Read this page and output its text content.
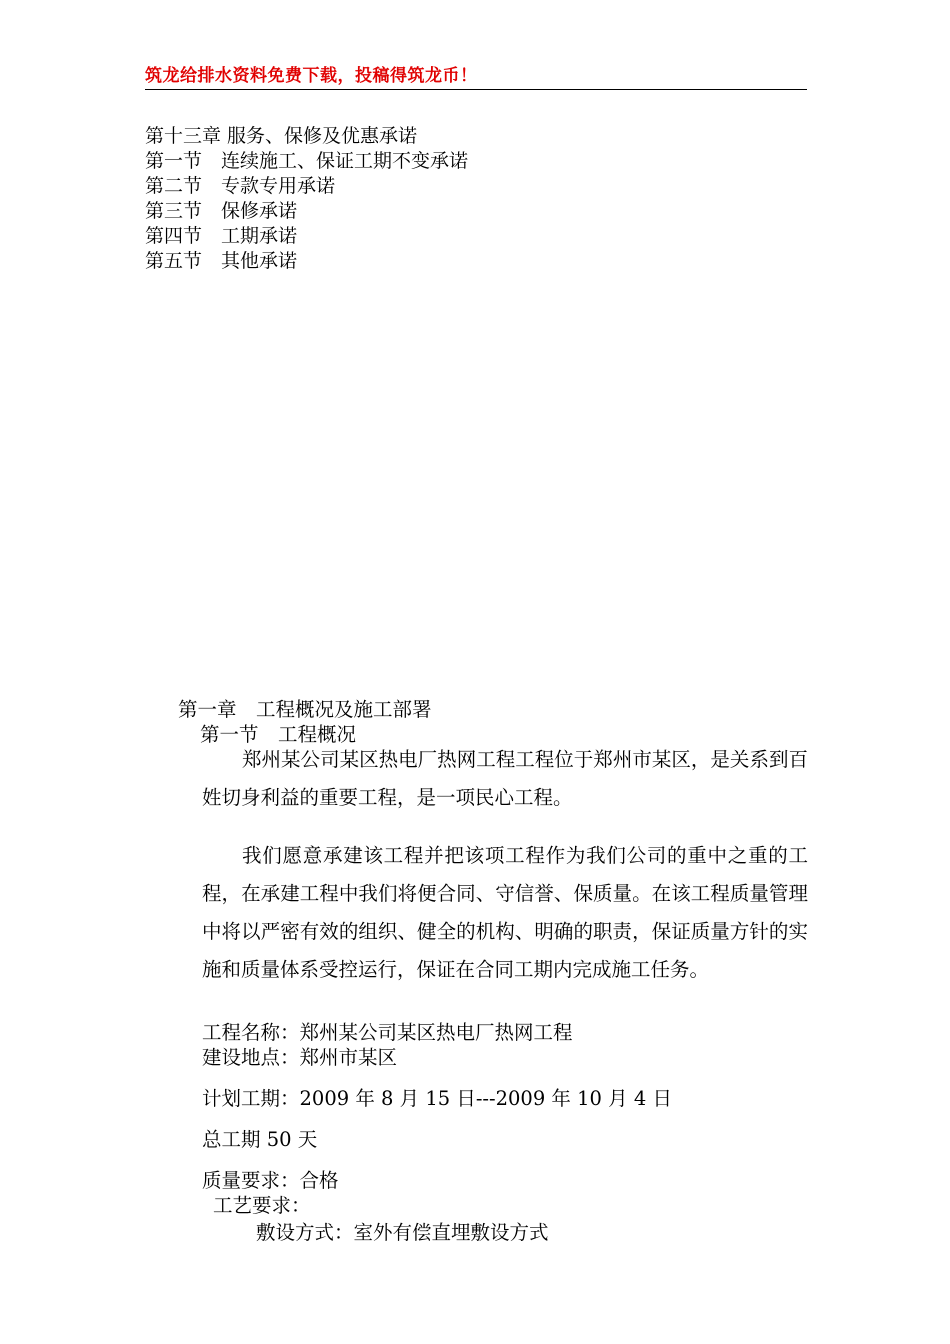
筑龙给排水资料免费下载，投稿得筑龙币！
第十三章 服务、保修及优惠承诺
第一节　连续施工、保证工期不变承诺
第二节　专款专用承诺
第三节　保修承诺
第四节　工期承诺
第五节　其他承诺
第一章　工程概况及施工部署
第一节　工程概况

郑州某公司某区热电厂热网工程工程位于郑州市某区，是关系到百姓切身利益的重要工程，是一项民心工程。

我们愿意承建该工程并把该项工程作为我们公司的重中之重的工程，在承建工程中我们将便合同、守信誉、保质量。在该工程质量管理中将以严密有效的组织、健全的机构、明确的职责，保证质量方针的实施和质量体系受控运行，保证在合同工期内完成施工任务。

工程名称：郑州某公司某区热电厂热网工程
建设地点：郑州市某区
计划工期：2009 年 8 月 15 日---2009 年 10 月 4 日
总工期 50 天
质量要求：合格
工艺要求：
敷设方式：室外有偿直埋敷设方式
